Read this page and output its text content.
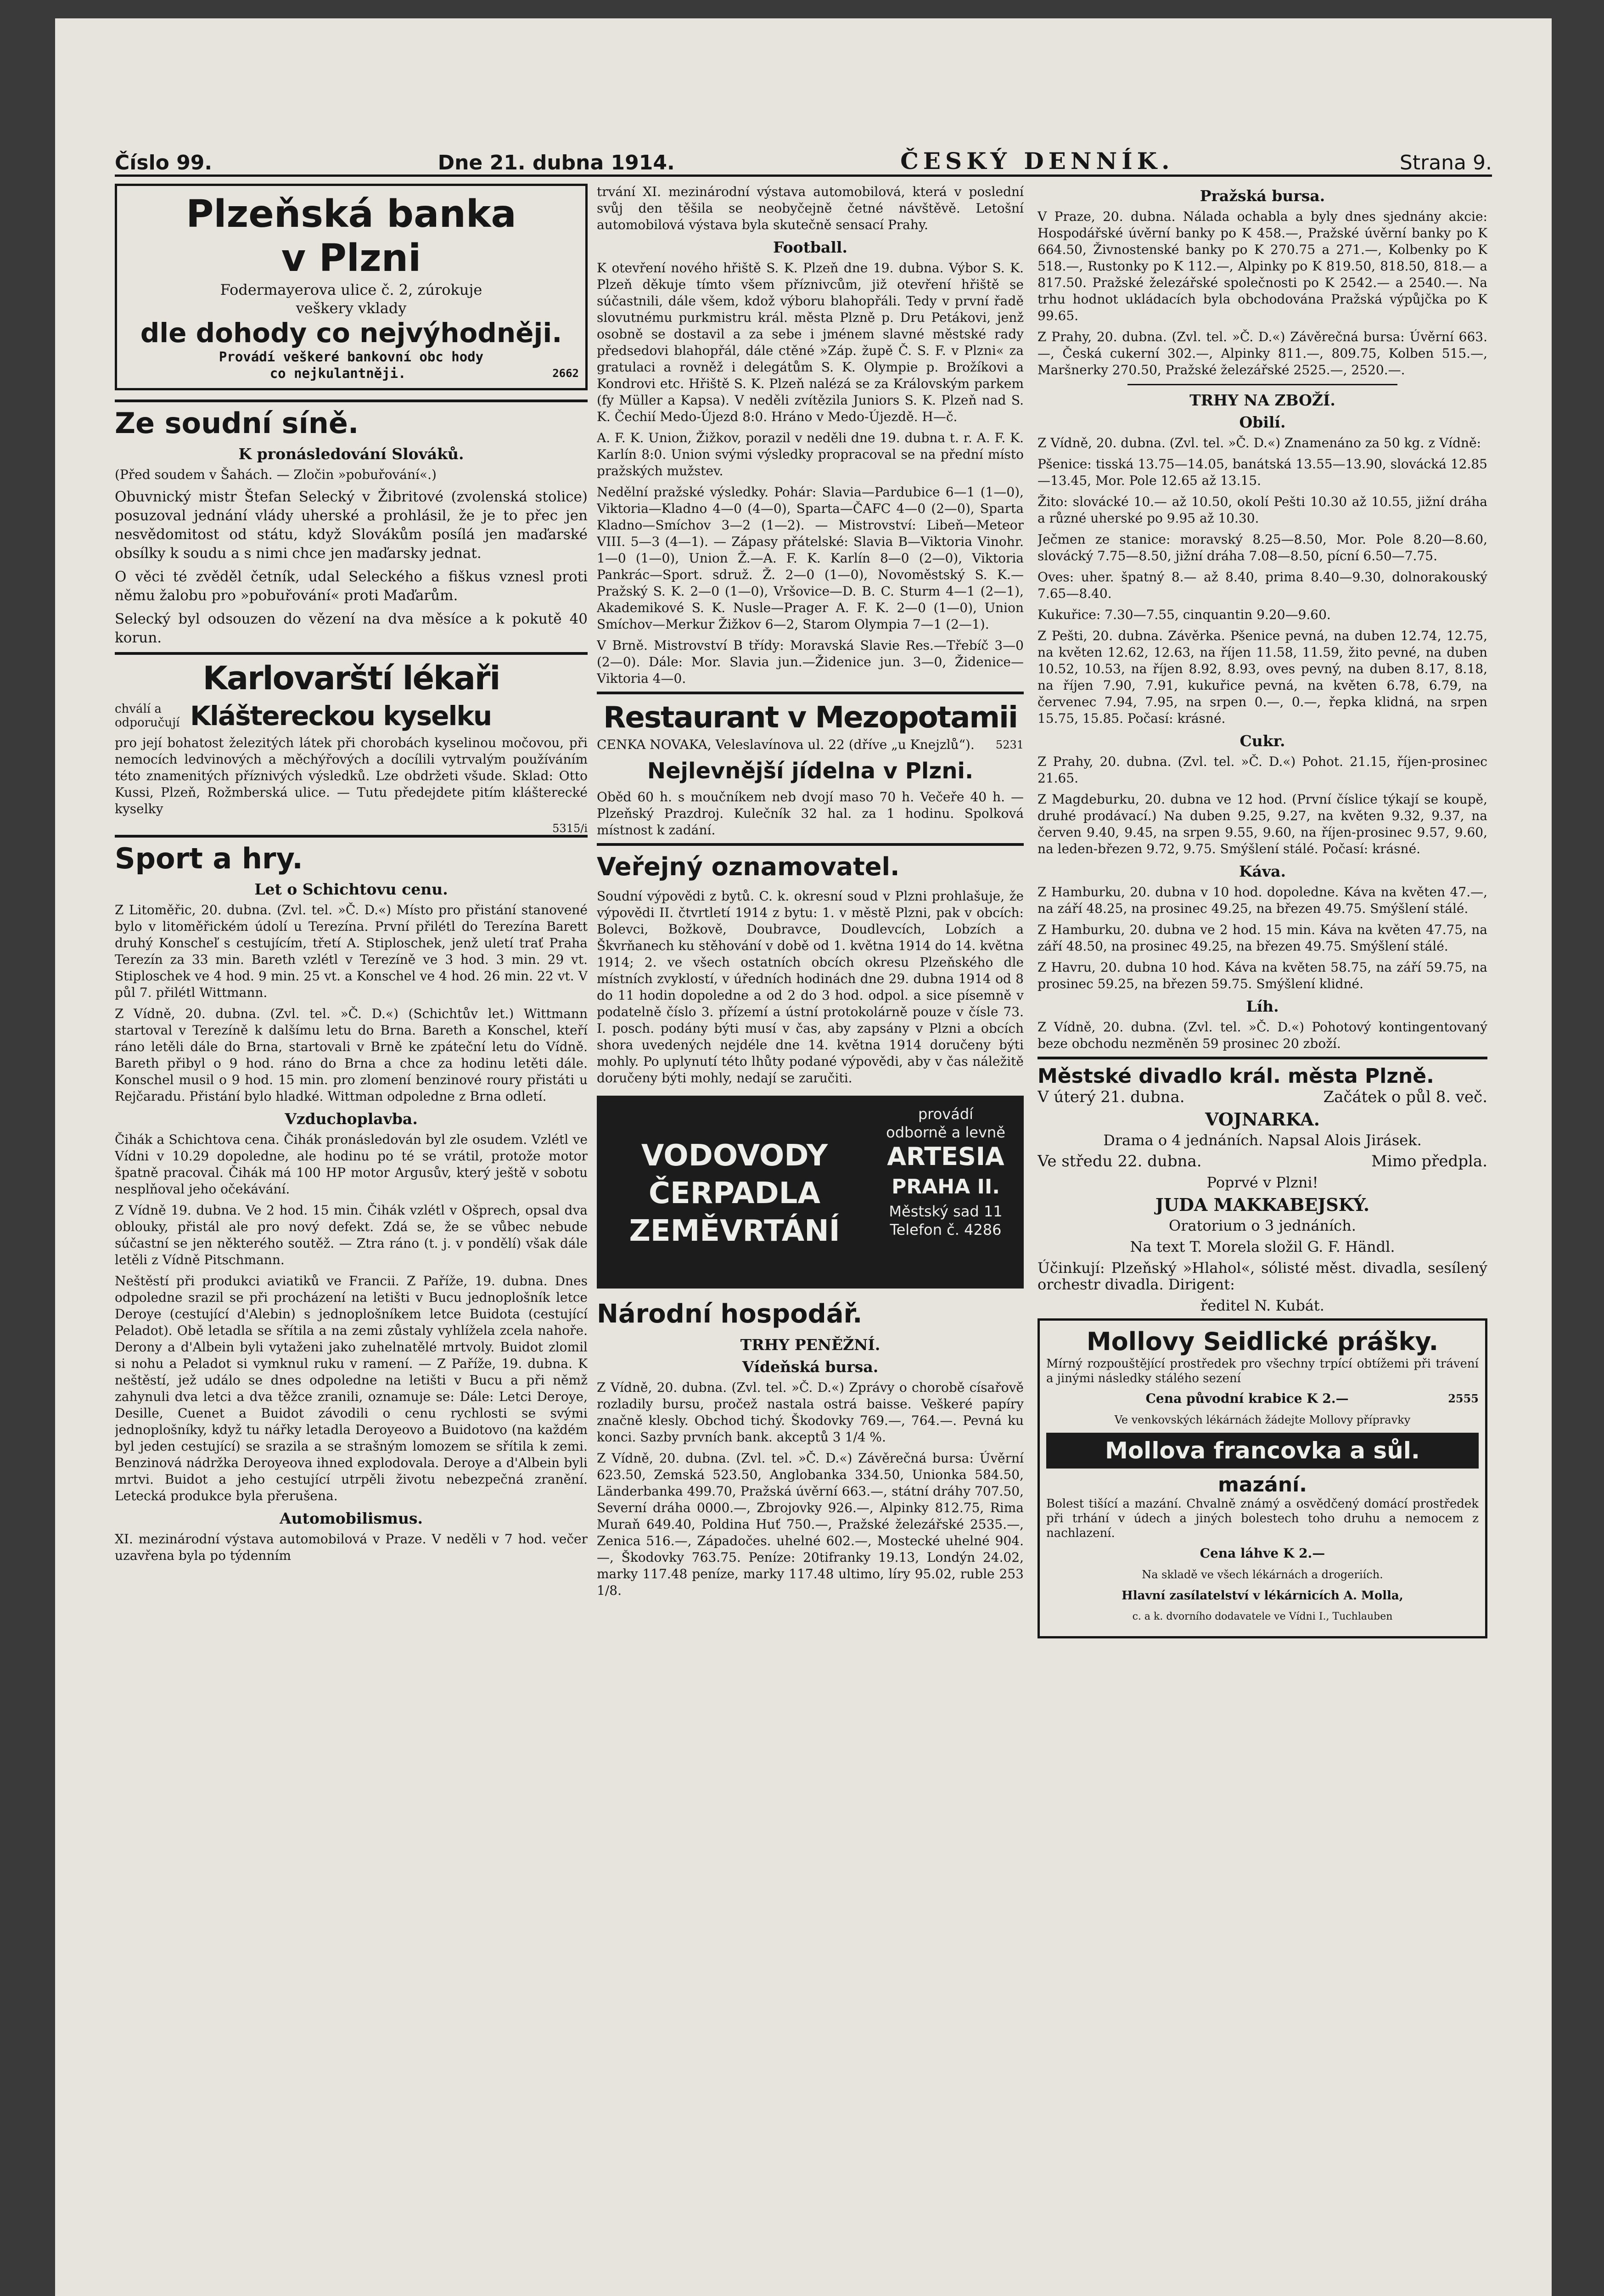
Číslo 99.	Dne 21. dubna 1914.	ČESKÝ DENNÍK.	Strana 9.
Plzeňská banka
v Plzni
Fodermayerova ulice č. 2, zúrokuje
veškery vklady
dle dohody co nejvýhodněji.
Provádí veškeré bankovní obc hody
co nejkulantněji.	2662
Ze soudní síně.
K pronásledování Slováků.

(Před soudem v Šahách. — Zločin »pobuřování«.)

Obuvnický mistr Štefan Selecký v Žibritové (zvolenská stolice) posuzoval jednání vlády uherské a prohlásil, že je to přec jen nesvědomitost od státu, když Slovákům posílá jen maďarské obsílky k soudu a s nimi chce jen maďarsky jednat.

O věci té zvěděl četník, udal Seleckého a fiškus vznesl proti němu žalobu pro »pobuřování« proti Maďarům.

Selecký byl odsouzen do vězení na dva měsíce a k pokutě 40 korun.

Karlovarští lékaři
chválí a odporučují Kláštereckou kyselku

pro její bohatost železitých látek při chorobách kyselinou močovou, při nemocích ledvinových a měchýřových a docílili vytrvalým používáním této znamenitých příznivých výsledků. Lze obdržeti všude. Sklad: Otto Kussi, Plzeň, Rožmberská ulice. — Tutu předejdete pitím klášterecké kyselky

5315/i
Sport a hry.
Let o Schichtovu cenu.

Z Litoměřic, 20. dubna. (Zvl. tel. »Č. D.«) Místo pro přistání stanovené bylo v litoměřickém údolí u Terezína. První přilétl do Terezína Barett druhý Konscheľ s cestujícím, třetí A. Stiploschek, jenž uletí trať Praha Terezín za 33 min. Bareth vzlétl v Terezíně ve 3 hod. 3 min. 29 vt. Stiploschek ve 4 hod. 9 min. 25 vt. a Konschel ve 4 hod. 26 min. 22 vt. V půl 7. přilétl Wittmann.

Z Vídně, 20. dubna. (Zvl. tel. »Č. D.«) (Schichtův let.) Wittmann startoval v Terezíně k dalšímu letu do Brna. Bareth a Konschel, kteří ráno letěli dále do Brna, startovali v Brně ke zpáteční letu do Vídně. Bareth přibyl o 9 hod. ráno do Brna a chce za hodinu letěti dále. Konschel musil o 9 hod. 15 min. pro zlomení benzinové roury přistáti u Rejčaradu. Přistání bylo hladké. Wittman odpoledne z Brna odletí.

Vzduchoplavba.

Čihák a Schichtova cena. Čihák pronásledován byl zle osudem. Vzlétl ve Vídni v 10.29 dopoledne, ale hodinu po té se vrátil, protože motor špatně pracoval. Čihák má 100 HP motor Argusův, který ještě v sobotu nesplňoval jeho očekávání.

Z Vídně 19. dubna. Ve 2 hod. 15 min. Čihák vzlétl v Ošprech, opsal dva oblouky, přistál ale pro nový defekt. Zdá se, že se vůbec nebude súčastní se jen některého soutěž. — Ztra ráno (t. j. v pondělí) však dále letěli z Vídně Pitschmann.

Neštěstí při produkci aviatiků ve Francii. Z Paříže, 19. dubna. Dnes odpoledne srazil se při procházení na letišti v Bucu jednoplošník letce Deroye (cestující d'Alebin) s jednoplošníkem letce Buidota (cestující Peladot). Obě letadla se sřítila a na zemi zůstaly vyhlížela zcela nahoře. Derony a d'Albein byli vytaženi jako zuhelnatělé mrtvoly. Buidot zlomil si nohu a Peladot si vymknul ruku v ramení. — Z Paříže, 19. dubna. K neštěstí, jež událo se dnes odpoledne na letišti v Bucu a při němž zahynuli dva letci a dva těžce zranili, oznamuje se: Dále: Letci Deroye, Desille, Cuenet a Buidot závodili o cenu rychlosti se svými jednoplošníky, když tu nářky letadla Deroyeovo a Buidotovo (na každém byl jeden cestující) se srazila a se strašným lomozem se sřítila k zemi. Benzinová nádržka Deroyeova ihned explodovala. Deroye a d'Albein byli mrtvi. Buidot a jeho cestující utrpěli životu nebezpečná zranění. Letecká produkce byla přerušena.

Automobilismus.

XI. mezinárodní výstava automobilová v Praze. V neděli v 7 hod. večer uzavřena byla po týdenním

trvání XI. mezinárodní výstava automobilová, která v poslední svůj den těšila se neobyčejně četné návštěvě. Letošní automobilová výstava byla skutečně sensací Prahy.

Football.

K otevření nového hřiště S. K. Plzeň dne 19. dubna. Výbor S. K. Plzeň děkuje tímto všem příznivcům, již otevření hřiště se súčastnili, dále všem, kdož výboru blahopřáli. Tedy v první řadě slovutnému purkmistru král. města Plzně p. Dru Petákovi, jenž osobně se dostavil a za sebe i jménem slavné městské rady předsedovi blahopřál, dále ctěné »Záp. župě Č. S. F. v Plzni« za gratulaci a rovněž i delegátům S. K. Olympie p. Brožíkovi a Kondrovi etc. Hřiště S. K. Plzeň nalézá se za Královským parkem (fy Müller a Kapsa). V neděli zvítězila Juniors S. K. Plzeň nad S. K. Čechií Medo-Újezd 8:0. Hráno v Medo-Újezdě. H—č.

A. F. K. Union, Žižkov, porazil v neděli dne 19. dubna t. r. A. F. K. Karlín 8:0. Union svými výsledky propracoval se na přední místo pražských mužstev.

Nedělní pražské výsledky. Pohár: Slavia—Pardubice 6—1 (1—0), Viktoria—Kladno 4—0 (4—0), Sparta—ČAFC 4—0 (2—0), Sparta Kladno—Smíchov 3—2 (1—2). — Mistrovství: Libeň—Meteor VIII. 5—3 (4—1). — Zápasy přátelské: Slavia B—Viktoria Vinohr. 1—0 (1—0), Union Ž.—A. F. K. Karlín 8—0 (2—0), Viktoria Pankrác—Sport. sdruž. Ž. 2—0 (1—0), Novoměstský S. K.—Pražský S. K. 2—0 (1—0), Vršovice—D. B. C. Sturm 4—1 (2—1), Akademikové S. K. Nusle—Prager A. F. K. 2—0 (1—0), Union Smíchov—Merkur Žižkov 6—2, Starom Olympia 7—1 (2—1).

V Brně. Mistrovství B třídy: Moravská Slavie Res.—Třebíč 3—0 (2—0). Dále: Mor. Slavia jun.—Židenice jun. 3—0, Židenice—Viktoria 4—0.

Restaurant v Mezopotamii

CENKA NOVAKA, Veleslavínova ul. 22 (dříve „u Knejzlů“). 5231

Nejlevnější jídelna v Plzni.

Oběd 60 h. s moučníkem neb dvojí maso 70 h. Večeře 40 h. — Plzeňský Prazdroj. Kulečník 32 hal. za 1 hodinu. Spolková místnost k zadání.

Veřejný oznamovatel.

Soudní výpovědi z bytů. C. k. okresní soud v Plzni prohlašuje, že výpovědi II. čtvrtletí 1914 z bytu: 1. v městě Plzni, pak v obcích: Bolevci, Božkově, Doubravce, Doudlevcích, Lobzích a Škvrňanech ku stěhování v době od 1. května 1914 do 14. května 1914; 2. ve všech ostatních obcích okresu Plzeňského dle místních zvyklostí, v úředních hodinách dne 29. dubna 1914 od 8 do 11 hodin dopoledne a od 2 do 3 hod. odpol. a sice písemně v podatelně číslo 3. přízemí a ústní protokolárně pouze v čísle 73. I. posch. podány býti musí v čas, aby zapsány v Plzni a obcích shora uvedených nejdéle dne 14. května 1914 doručeny býti mohly. Po uplynutí této lhůty podané výpovědi, aby v čas náležitě doručeny býti mohly, nedají se zaručiti.

VODOVODY
ČERPADLA
ZEMĚVRTÁNÍ
provádí
odborně a levně
ARTESIA
PRAHA II.
Městský sad 11
Telefon č. 4286
Národní hospodář.
TRHY PENĚŽNÍ.
Vídeňská bursa.

Z Vídně, 20. dubna. (Zvl. tel. »Č. D.«) Zprávy o chorobě císařově rozladily bursu, pročež nastala ostrá baisse. Veškeré papíry značně klesly. Obchod tichý. Škodovky 769.—, 764.—. Pevná ku konci. Sazby prvních bank. akceptů 3 1/4 %.

Z Vídně, 20. dubna. (Zvl. tel. »Č. D.«) Závěrečná bursa: Úvěrní 623.50, Zemská 523.50, Anglobanka 334.50, Unionka 584.50, Länderbanka 499.70, Pražská úvěrní 663.—, státní dráhy 707.50, Severní dráha 0000.—, Zbrojovky 926.—, Alpinky 812.75, Rima Muraň 649.40, Poldina Huť 750.—, Pražské železářské 2535.—, Zenica 516.—, Západočes. uhelné 602.—, Mostecké uhelné 904.—, Škodovky 763.75. Peníze: 20tifranky 19.13, Londýn 24.02, marky 117.48 peníze, marky 117.48 ultimo, líry 95.02, ruble 253 1/8.

Pražská bursa.

V Praze, 20. dubna. Nálada ochabla a byly dnes sjednány akcie: Hospodářské úvěrní banky po K 458.—, Pražské úvěrní banky po K 664.50, Živnostenské banky po K 270.75 a 271.—, Kolbenky po K 518.—, Rustonky po K 112.—, Alpinky po K 819.50, 818.50, 818.— a 817.50. Pražské železářské společnosti po K 2542.— a 2540.—. Na trhu hodnot ukládacích byla obchodována Pražská výpůjčka po K 99.65.

Z Prahy, 20. dubna. (Zvl. tel. »Č. D.«) Závěrečná bursa: Úvěrní 663.—, Česká cukerní 302.—, Alpinky 811.—, 809.75, Kolben 515.—, Maršnerky 270.50, Pražské železářské 2525.—, 2520.—.

TRHY NA ZBOŽÍ.
Obilí.

Z Vídně, 20. dubna. (Zvl. tel. »Č. D.«) Znamenáno za 50 kg. z Vídně:

Pšenice: tisská 13.75—14.05, banátská 13.55—13.90, slovácká 12.85—13.45, Mor. Pole 12.65 až 13.15.

Žito: slovácké 10.— až 10.50, okolí Pešti 10.30 až 10.55, jižní dráha a různé uherské po 9.95 až 10.30.

Ječmen ze stanice: moravský 8.25—8.50, Mor. Pole 8.20—8.60, slovácký 7.75—8.50, jižní dráha 7.08—8.50, pícní 6.50—7.75.

Oves: uher. špatný 8.— až 8.40, prima 8.40—9.30, dolnorakouský 7.65—8.40.

Kukuřice: 7.30—7.55, cinquantin 9.20—9.60.

Z Pešti, 20. dubna. Závěrka. Pšenice pevná, na duben 12.74, 12.75, na květen 12.62, 12.63, na říjen 11.58, 11.59, žito pevné, na duben 10.52, 10.53, na říjen 8.92, 8.93, oves pevný, na duben 8.17, 8.18, na říjen 7.90, 7.91, kukuřice pevná, na květen 6.78, 6.79, na červenec 7.94, 7.95, na srpen 0.—, 0.—, řepka klidná, na srpen 15.75, 15.85. Počasí: krásné.

Cukr.

Z Prahy, 20. dubna. (Zvl. tel. »Č. D.«) Pohot. 21.15, říjen-prosinec 21.65.

Z Magdeburku, 20. dubna ve 12 hod. (První číslice týkají se koupě, druhé prodávací.) Na duben 9.25, 9.27, na květen 9.32, 9.37, na červen 9.40, 9.45, na srpen 9.55, 9.60, na říjen-prosinec 9.57, 9.60, na leden-březen 9.72, 9.75. Smýšlení stálé. Počasí: krásné.

Káva.

Z Hamburku, 20. dubna v 10 hod. dopoledne. Káva na květen 47.—, na září 48.25, na prosinec 49.25, na březen 49.75. Smýšlení stálé.

Z Hamburku, 20. dubna ve 2 hod. 15 min. Káva na květen 47.75, na září 48.50, na prosinec 49.25, na březen 49.75. Smýšlení stálé.

Z Havru, 20. dubna 10 hod. Káva na květen 58.75, na září 59.75, na prosinec 59.25, na březen 59.75. Smýšlení klidné.

Líh.

Z Vídně, 20. dubna. (Zvl. tel. »Č. D.«) Pohotový kontingentovaný beze obchodu nezměněn 59 prosinec 20 zboží.

Městské divadlo král. města Plzně.

V úterý 21. dubna.	Začátek o půl 8. več.

VOJNARKA.

Drama o 4 jednáních. Napsal Alois Jirásek.

Ve středu 22. dubna.	Mimo předpla.

Poprvé v Plzni!

JUDA MAKKABEJSKÝ.

Oratorium o 3 jednáních.

Na text T. Morela složil G. F. Händl.

Účinkují: Plzeňský »Hlahol«, sólisté měst. divadla, sesílený orchestr divadla. Dirigent:

ředitel N. Kubát.

Mollovy Seidlické prášky.

Mírný rozpouštějící prostředek pro všechny trpící obtížemi při trávení a jinými následky stálého sezení

Cena původní krabice K 2.—	2555

Ve venkovských lékárnách žádejte Mollovy přípravky

Mollova francovka a sůl.
mazání.

Bolest tišící a mazání. Chvalně známý a osvědčený domácí prostředek při trhání v údech a jiných bolestech toho druhu a nemocem z nachlazení.

Cena láhve K 2.—

Na skladě ve všech lékárnách a drogeriích.

Hlavní zasílatelství v lékárnicích A. Molla,

c. a k. dvorního dodavatele ve Vídni I., Tuchlauben
